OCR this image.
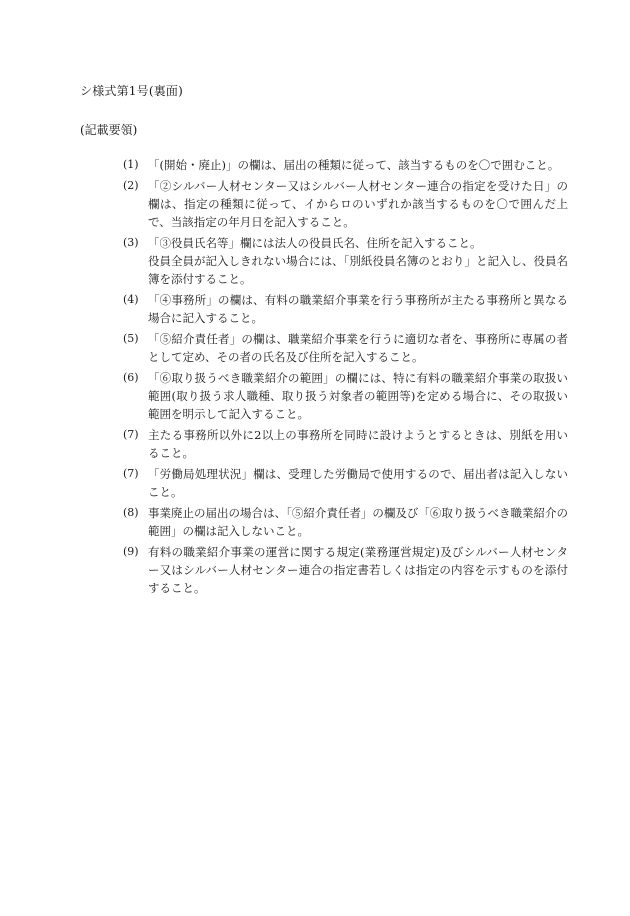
シ様式第1号(裏面)
(記載要領)
(1) 「(開始・廃止)」の欄は、届出の種類に従って、該当するものを〇で囲むこと。
(2) 「②シルバー人材センター又はシルバー人材センター連合の指定を受けた日」の欄は、指定の種類に従って、イからロのいずれか該当するものを〇で囲んだ上で、当該指定の年月日を記入すること。
(3) 「③役員氏名等」欄には法人の役員氏名、住所を記入すること。
役員全員が記入しきれない場合には、「別紙役員名簿のとおり」と記入し、役員名簿を添付すること。
(4) 「④事務所」の欄は、有料の職業紹介事業を行う事務所が主たる事務所と異なる場合に記入すること。
(5) 「⑤紹介責任者」の欄は、職業紹介事業を行うに適切な者を、事務所に専属の者として定め、その者の氏名及び住所を記入すること。
(6) 「⑥取り扱うべき職業紹介の範囲」の欄には、特に有料の職業紹介事業の取扱い範囲(取り扱う求人職種、取り扱う対象者の範囲等)を定める場合に、その取扱い範囲を明示して記入すること。
(7) 主たる事務所以外に2以上の事務所を同時に設けようとするときは、別紙を用いること。
(7) 「労働局処理状況」欄は、受理した労働局で使用するので、届出者は記入しないこと。
(8) 事業廃止の届出の場合は、「⑤紹介責任者」の欄及び「⑥取り扱うべき職業紹介の範囲」の欄は記入しないこと。
(9) 有料の職業紹介事業の運営に関する規定(業務運営規定)及びシルバー人材センター又はシルバー人材センター連合の指定書若しくは指定の内容を示すものを添付すること。
